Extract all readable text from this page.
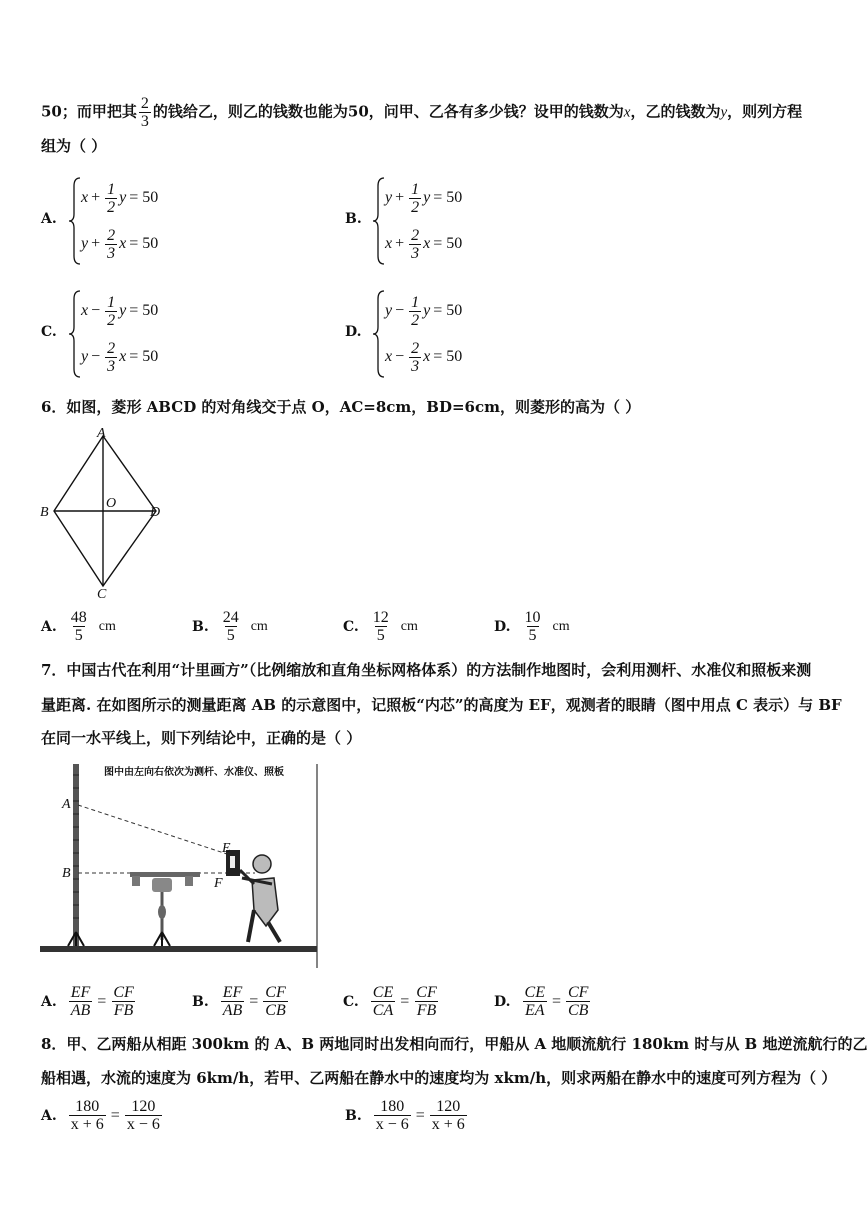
50；而甲把其 $\frac{2}{3}$ 的钱给乙，则乙的钱数也能为50，问甲、乙各有多少钱？设甲的钱数为x，乙的钱数为y，则列方程
组为（ ）
A.
$x + \frac{1}{2}$ y = 50
$y + \frac{2}{3}$ x = 50
B.
$y + \frac{1}{2}$ y = 50
$x + \frac{2}{3}$ x = 50
C.
$x - \frac{1}{2}$ y = 50
$y - \frac{2}{3}$ x = 50
D.
$y - \frac{1}{2}$ y = 50
$x - \frac{2}{3}$ x = 50
6．如图，菱形 ABCD 的对角线交于点 O，AC=8cm，BD=6cm，则菱形的高为（ ）
A
B	D
C
O
A. $\frac{48}{5}$ cm	B. $\frac{24}{5}$ cm	C. $\frac{12}{5}$ cm	D. $\frac{10}{5}$ cm
7．中国古代在利用“计里画方”（比例缩放和直角坐标网格体系）的方法制作地图时，会利用测杆、水准仪和照板来测
量距离. 在如图所示的测量距离 AB 的示意图中，记照板“内芯”的高度为 EF，观测者的眼睛（图中用点 C 表示）与 BF
在同一水平线上，则下列结论中，正确的是（ ）
图中由左向右依次为测杆、水准仪、照板
A
B
E
F
A. $\frac{EF}{AB} = \frac{CF}{FB}$	B. $\frac{EF}{AB} = \frac{CF}{CB}$	C. $\frac{CE}{CA} = \frac{CF}{FB}$	D. $\frac{CE}{EA} = \frac{CF}{CB}$
8．甲、乙两船从相距 300km 的 A、B 两地同时出发相向而行，甲船从 A 地顺流航行 180km 时与从 B 地逆流航行的乙
船相遇，水流的速度为 6km/h，若甲、乙两船在静水中的速度均为 xkm/h，则求两船在静水中的速度可列方程为（ ）
A. $\frac{180}{x + 6} = \frac{120}{x - 6}$	B. $\frac{180}{x - 6} = \frac{120}{x + 6}$
